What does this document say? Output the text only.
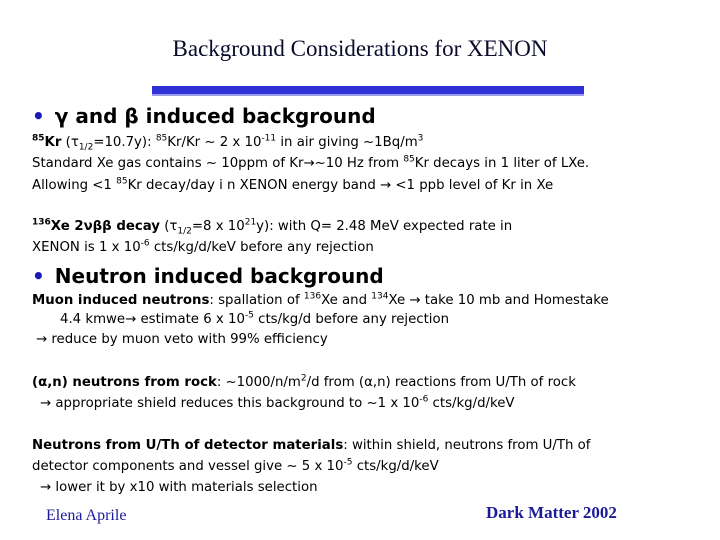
Background Considerations for XENON
• γ and β induced background
$^{85}$Kr $(\tau_{1/2}=10.7y)$: $^{85}$Kr/Kr ~ 2 x $10^{-11}$ in air giving $\sim 1Bq/m^3$
Standard Xe gas contains ~ 10ppm of Kr→~10 Hz from $^{85}$Kr decays in 1 liter of LXe.
Allowing <1 $^{85}$Kr decay/day i n XENON energy band → <1 ppb level of Kr in Xe
$^{136}$Xe 2νββ decay ($\tau_{1/2}=8$ x $10^{21}y$): with Q= 2.48 MeV expected rate in
XENON is 1 x $10^{-6}$ cts/kg/d/keV before any rejection
• Neutron induced background
Muon induced neutrons: spallation of $^{136}$Xe and $^{134}$Xe → take 10 mb and Homestake
4.4 kmwe→ estimate 6 x $10^{-5}$ cts/kg/d before any rejection
→ reduce by muon veto with 99% efficiency
(α,n) neutrons from rock: $\sim 1000/n/m^2/d$ from (α,n) reactions from U/Th of rock
→ appropriate shield reduces this background to ~1 x $10^{-6}$ cts/kg/d/keV
Neutrons from U/Th of detector materials: within shield, neutrons from U/Th of
detector components and vessel give ~ 5 x $10^{-5}$ cts/kg/d/keV
→ lower it by x10 with materials selection
Elena Aprile	Dark Matter 2002
